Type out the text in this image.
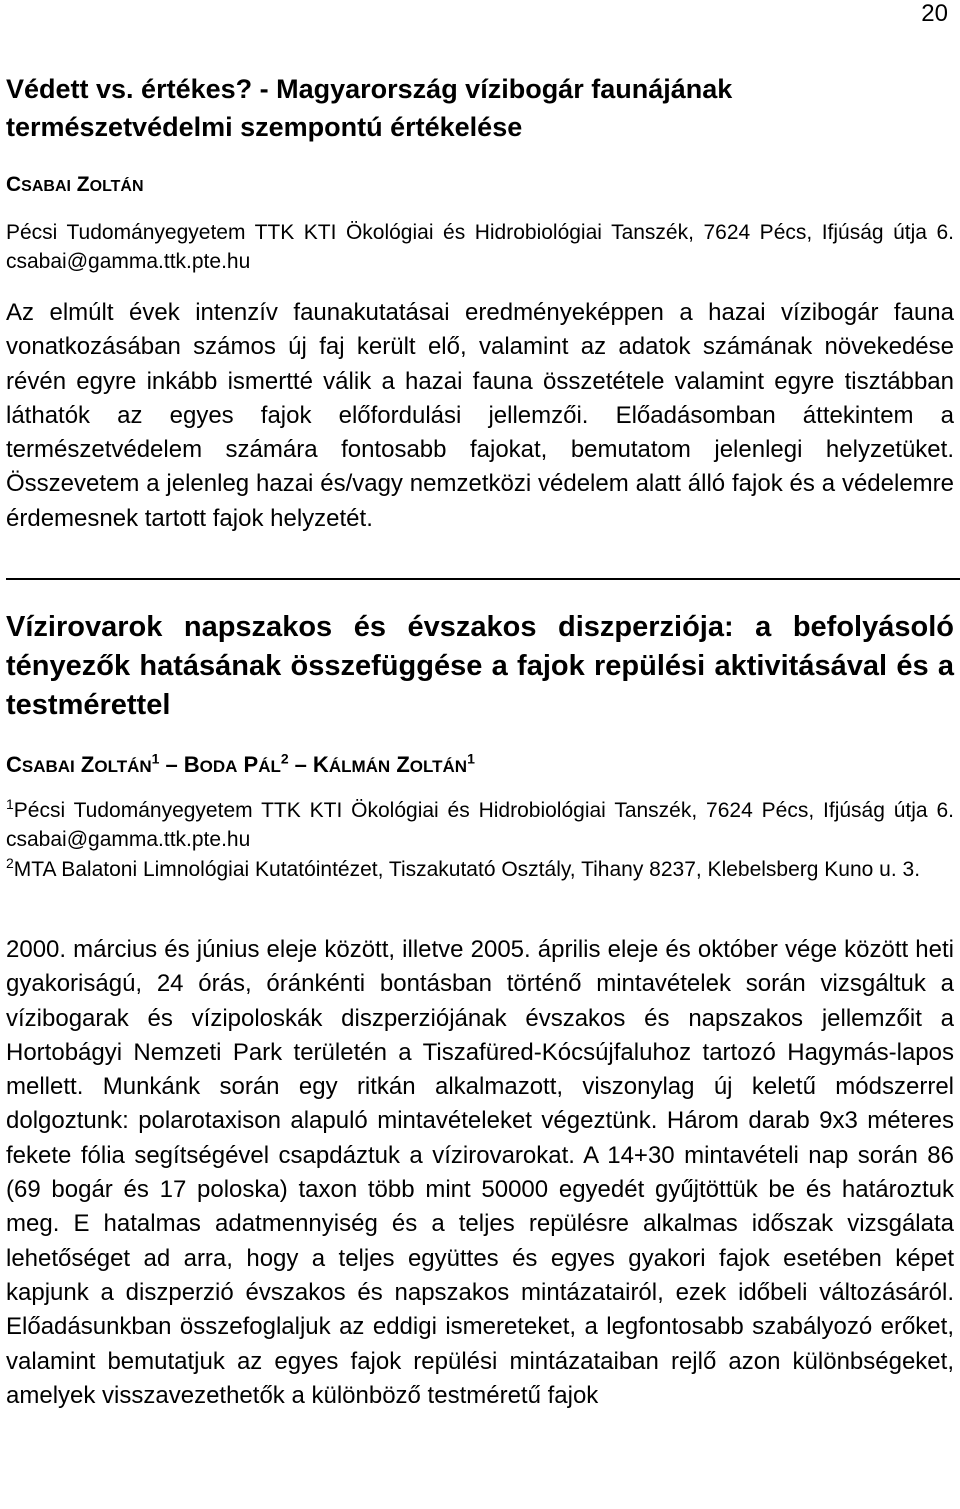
20
Védett vs. értékes? - Magyarország vízibogár faunájának természetvédelmi szempontú értékelése
CSABAI ZOLTÁN
Pécsi Tudományegyetem TTK KTI Ökológiai és Hidrobiológiai Tanszék, 7624 Pécs, Ifjúság útja 6. csabai@gamma.ttk.pte.hu
Az elmúlt évek intenzív faunakutatásai eredményeképpen a hazai vízibogár fauna vonatkozásában számos új faj került elő, valamint az adatok számának növekedése révén egyre inkább ismertté válik a hazai fauna összetétele valamint egyre tisztábban láthatók az egyes fajok előfordulási jellemzői. Előadásomban áttekintem a természetvédelem számára fontosabb fajokat, bemutatom jelenlegi helyzetüket. Összevetem a jelenleg hazai és/vagy nemzetközi védelem alatt álló fajok és a védelemre érdemesnek tartott fajok helyzetét.
Vízirovarok napszakos és évszakos diszperziója: a befolyásoló tényezők hatásának összefüggése a fajok repülési aktivitásával és a testmérettel
CSABAI ZOLTÁN$^1$ – BODA PÁL$^2$ – KÁLMÁN ZOLTÁN$^1$
$^1$Pécsi Tudományegyetem TTK KTI Ökológiai és Hidrobiológiai Tanszék, 7624 Pécs, Ifjúság útja 6. csabai@gamma.ttk.pte.hu
$^2$MTA Balatoni Limnológiai Kutatóintézet, Tiszakutató Osztály, Tihany 8237, Klebelsberg Kuno u. 3.
2000. március és június eleje között, illetve 2005. április eleje és október vége között heti gyakoriságú, 24 órás, óránkénti bontásban történő mintavételek során vizsgáltuk a vízibogarak és vízipoloskák diszperziójának évszakos és napszakos jellemzőit a Hortobágyi Nemzeti Park területén a Tiszafüred-Kócsújfaluhoz tartozó Hagymás-lapos mellett. Munkánk során egy ritkán alkalmazott, viszonylag új keletű módszerrel dolgoztunk: polarotaxison alapuló mintavételeket végeztünk. Három darab 9x3 méteres fekete fólia segítségével csapdáztuk a vízirovarokat. A 14+30 mintavételi nap során 86 (69 bogár és 17 poloska) taxon több mint 50000 egyedét gyűjtöttük be és határoztuk meg. E hatalmas adatmennyiség és a teljes repülésre alkalmas időszak vizsgálata lehetőséget ad arra, hogy a teljes együttes és egyes gyakori fajok esetében képet kapjunk a diszperzió évszakos és napszakos mintázatairól, ezek időbeli változásáról. Előadásunkban összefoglaljuk az eddigi ismereteket, a legfontosabb szabályozó erőket, valamint bemutatjuk az egyes fajok repülési mintázataiban rejlő azon különbségeket, amelyek visszavezethetők a különböző testméretű fajok
